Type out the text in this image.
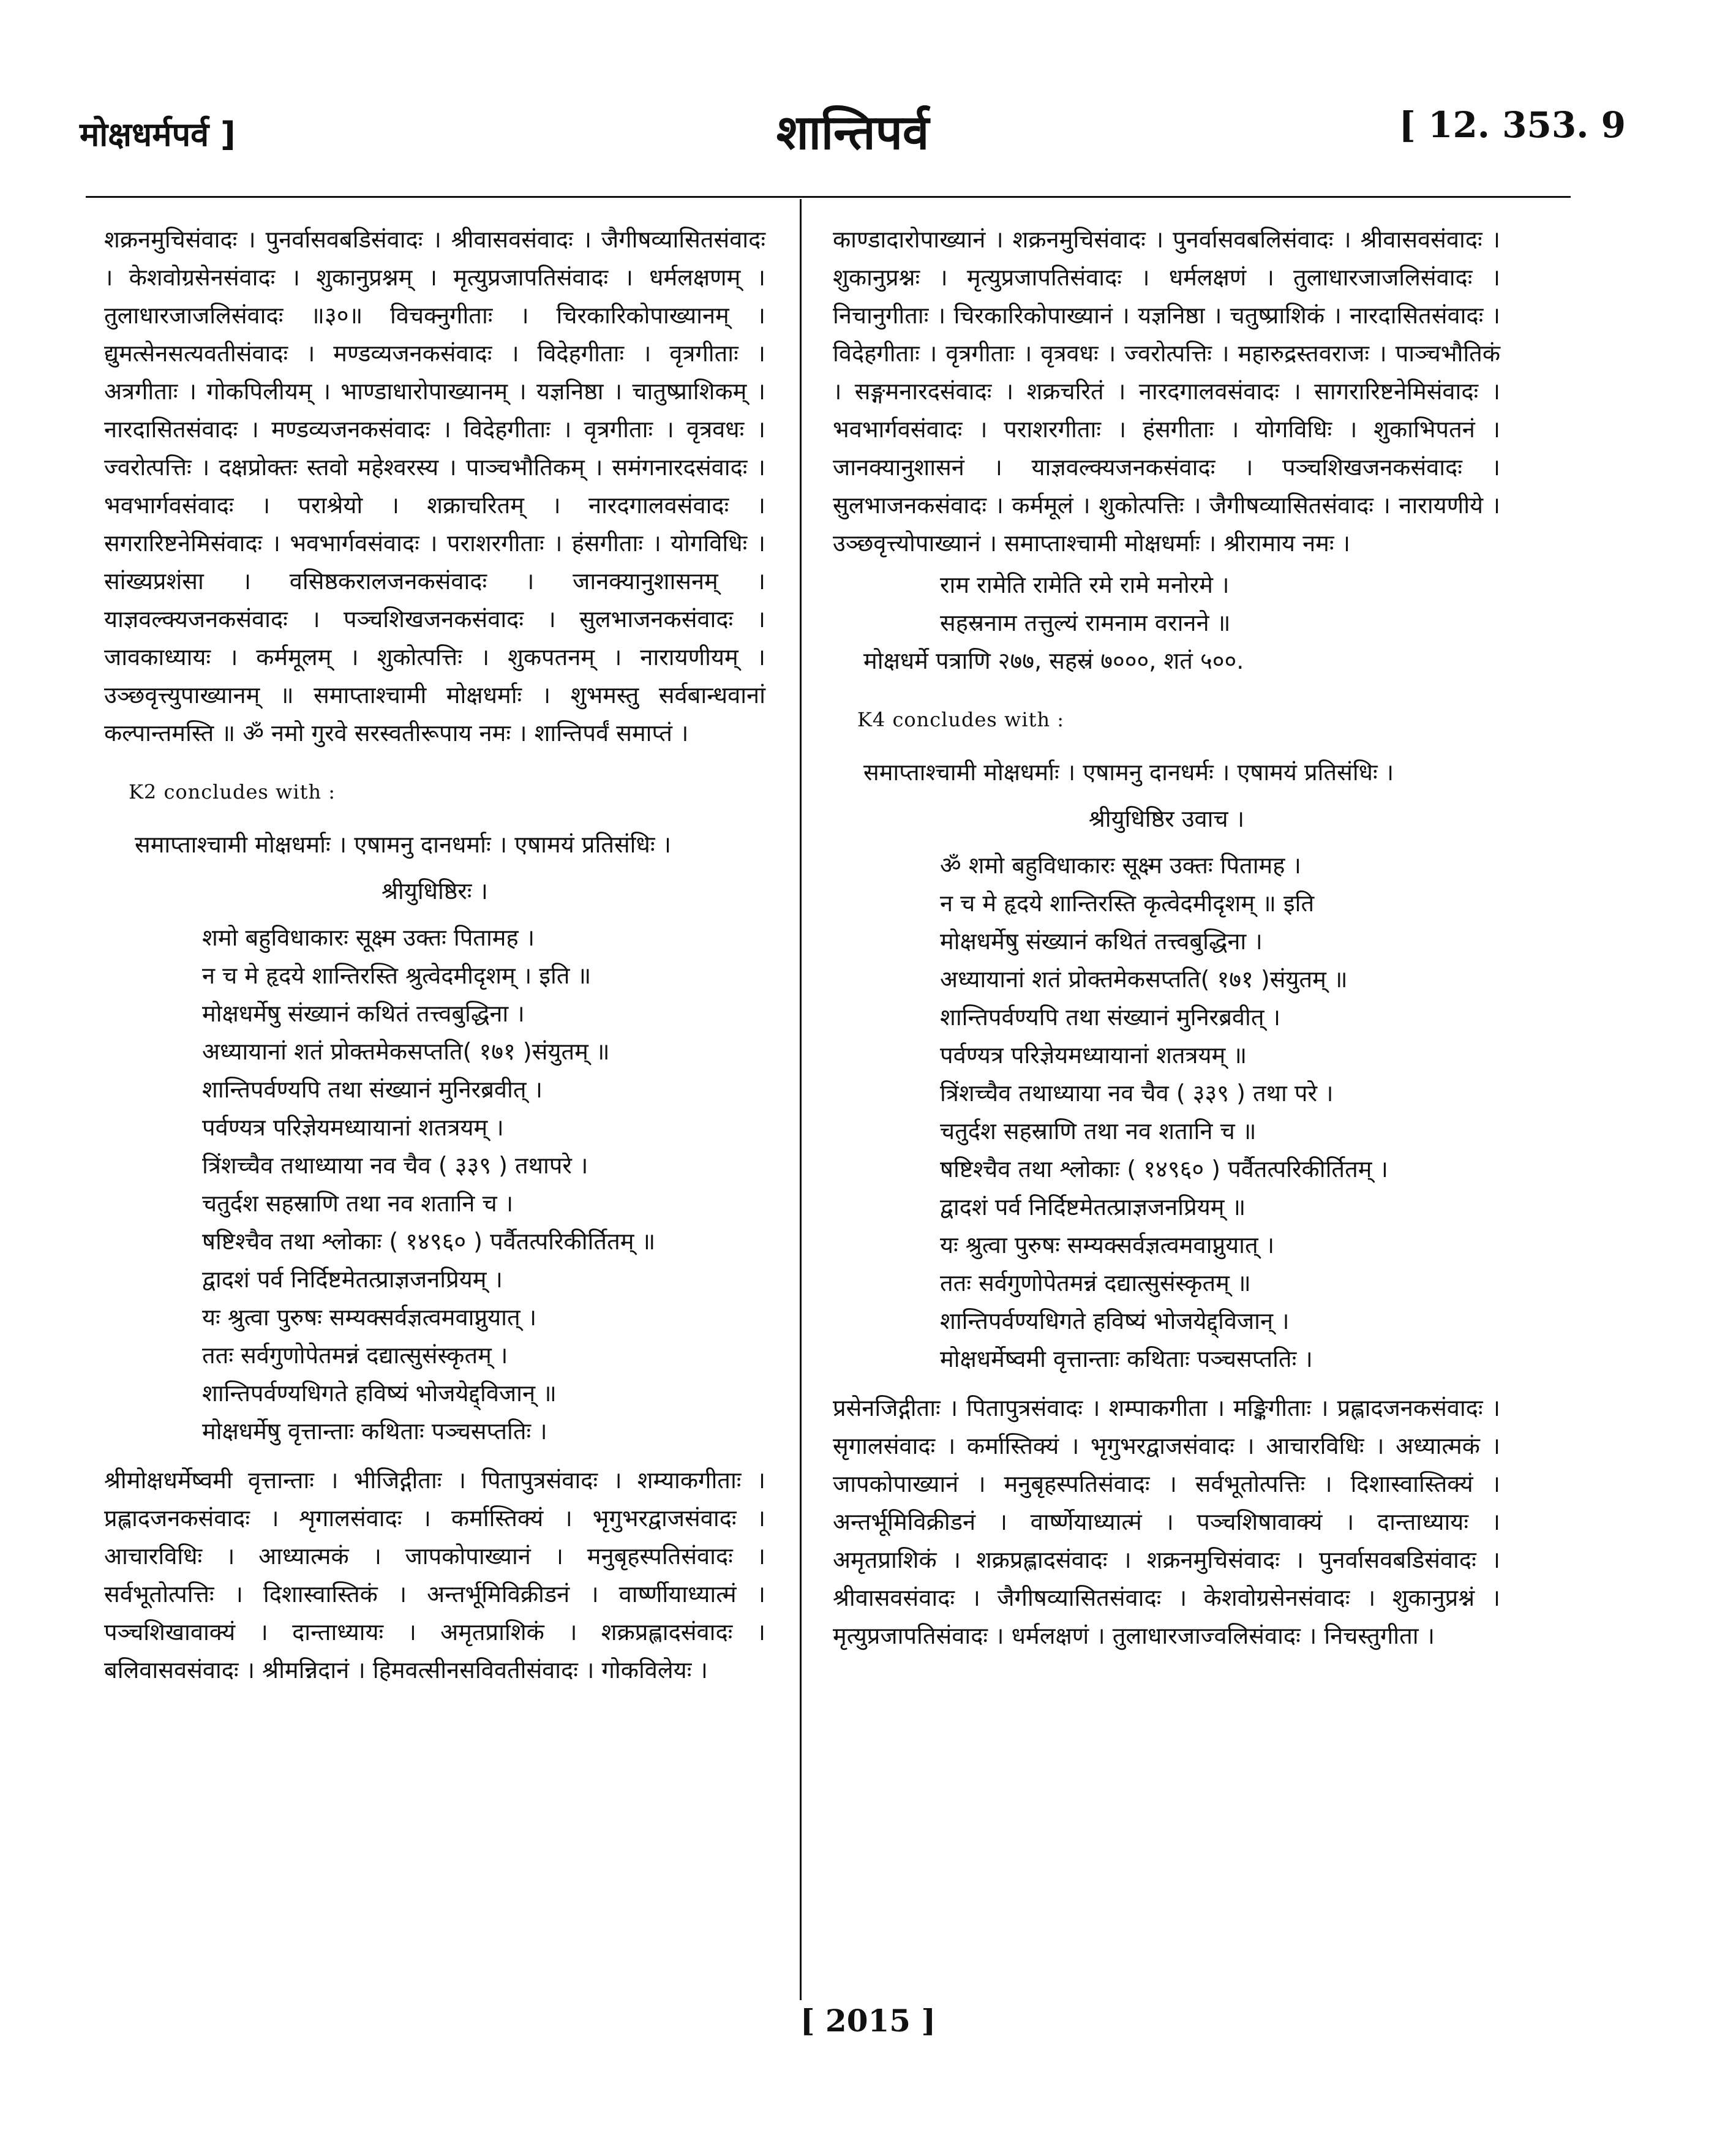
मोक्षधर्मपर्व ]	शान्तिपर्व	[ 12. 353. 9

शक्रनमुचिसंवादः । पुनर्वासवबडिसंवादः । श्रीवासवसंवादः । जैगीषव्यासितसंवादः । केशवोग्रसेनसंवादः । शुकानुप्रश्नम् । मृत्युप्रजापतिसंवादः । धर्मलक्षणम् । तुलाधारजाजलिसंवादः ॥३०॥ विचक्नुगीताः । चिरकारिकोपाख्यानम् । द्युमत्सेनसत्यवतीसंवादः । मण्डव्यजनकसंवादः । विदेहगीताः । वृत्रगीताः । अत्रगीताः । गोकपिलीयम् । भाण्डाधारोपाख्यानम् । यज्ञनिष्ठा । चातुष्प्राशिकम् । नारदासितसंवादः । मण्डव्यजनकसंवादः । विदेहगीताः । वृत्रगीताः । वृत्रवधः । ज्वरोत्पत्तिः । दक्षप्रोक्तः स्तवो महेश्वरस्य । पाञ्चभौतिकम् । समंगनारदसंवादः । भवभार्गवसंवादः । पराश्रेयो । शक्राचरितम् । नारदगालवसंवादः । सगरारिष्टनेमिसंवादः । भवभार्गवसंवादः । पराशरगीताः । हंसगीताः । योगविधिः । सांख्यप्रशंसा । वसिष्ठकरालजनकसंवादः । जानक्यानुशासनम् । याज्ञवल्क्यजनकसंवादः । पञ्चशिखजनकसंवादः । सुलभाजनकसंवादः । जावकाध्यायः । कर्ममूलम् । शुकोत्पत्तिः । शुकपतनम् । नारायणीयम् । उञ्छवृत्त्युपाख्यानम् ॥ समाप्ताश्चामी मोक्षधर्माः । शुभमस्तु सर्वबान्धवानां कल्पान्तमस्ति ॥ ॐ नमो गुरवे सरस्वतीरूपाय नमः । शान्तिपर्वं समाप्तं ।

K2 concludes with :

समाप्ताश्चामी मोक्षधर्माः । एषामनु दानधर्माः । एषामयं प्रतिसंधिः ।

श्रीयुधिष्ठिरः ।
शमो बहुविधाकारः सूक्ष्म उक्तः पितामह ।
न च मे हृदये शान्तिरस्ति श्रुत्वेदमीदृशम् । इति ॥
मोक्षधर्मेषु संख्यानं कथितं तत्त्वबुद्धिना ।
अध्यायानां शतं प्रोक्तमेकसप्तति( १७१ )संयुतम् ॥
शान्तिपर्वण्यपि तथा संख्यानं मुनिरब्रवीत् ।
पर्वण्यत्र परिज्ञेयमध्यायानां शतत्रयम् ।
त्रिंशच्चैव तथाध्याया नव चैव ( ३३९ ) तथापरे ।
चतुर्दश सहस्राणि तथा नव शतानि च ।
षष्टिश्चैव तथा श्लोकाः ( १४९६० ) पर्वैतत्परिकीर्तितम् ॥
द्वादशं पर्व निर्दिष्टमेतत्प्राज्ञजनप्रियम् ।
यः श्रुत्वा पुरुषः सम्यक्सर्वज्ञत्वमवाप्नुयात् ।
ततः सर्वगुणोपेतमन्नं दद्यात्सुसंस्कृतम् ।
शान्तिपर्वण्यधिगते हविष्यं भोजयेद्द्विजान् ॥
मोक्षधर्मेषु वृत्तान्ताः कथिताः पञ्चसप्ततिः ।

श्रीमोक्षधर्मेष्वमी वृत्तान्ताः । भीजिद्गीताः । पितापुत्रसंवादः । शम्याकगीताः । प्रह्लादजनकसंवादः । शृगालसंवादः । कर्मास्तिक्यं । भृगुभरद्वाजसंवादः । आचारविधिः । आध्यात्मकं । जापकोपाख्यानं । मनुबृहस्पतिसंवादः । सर्वभूतोत्पत्तिः । दिशास्वास्तिकं । अन्तर्भूमिविक्रीडनं । वार्ष्णीयाध्यात्मं । पञ्चशिखावाक्यं । दान्ताध्यायः । अमृतप्राशिकं । शक्रप्रह्लादसंवादः । बलिवासवसंवादः । श्रीमन्निदानं । हिमवत्सीनसविवतीसंवादः । गोकविलेयः ।

काण्डादारोपाख्यानं । शक्रनमुचिसंवादः । पुनर्वासवबलिसंवादः । श्रीवासवसंवादः । शुकानुप्रश्नः । मृत्युप्रजापतिसंवादः । धर्मलक्षणं । तुलाधारजाजलिसंवादः । निचानुगीताः । चिरकारिकोपाख्यानं । यज्ञनिष्ठा । चतुष्प्राशिकं । नारदासितसंवादः । विदेहगीताः । वृत्रगीताः । वृत्रवधः । ज्वरोत्पत्तिः । महारुद्रस्तवराजः । पाञ्चभौतिकं । सङ्गमनारदसंवादः । शक्रचरितं । नारदगालवसंवादः । सागरारिष्टनेमिसंवादः । भवभार्गवसंवादः । पराशरगीताः । हंसगीताः । योगविधिः । शुकाभिपतनं । जानक्यानुशासनं । याज्ञवल्क्यजनकसंवादः । पञ्चशिखजनकसंवादः । सुलभाजनकसंवादः । कर्ममूलं । शुकोत्पत्तिः । जैगीषव्यासितसंवादः । नारायणीये । उञ्छवृत्त्योपाख्यानं । समाप्ताश्चामी मोक्षधर्माः । श्रीरामाय नमः ।

राम रामेति रामेति रमे रामे मनोरमे ।
सहस्रनाम तत्तुल्यं रामनाम वरानने ॥
मोक्षधर्मे पत्राणि २७७, सहस्रं ७०००, शतं ५००.
K4 concludes with :

समाप्ताश्चामी मोक्षधर्माः । एषामनु दानधर्मः । एषामयं प्रतिसंधिः ।

श्रीयुधिष्ठिर उवाच ।
ॐ शमो बहुविधाकारः सूक्ष्म उक्तः पितामह ।
न च मे हृदये शान्तिरस्ति कृत्वेदमीदृशम् ॥ इति
मोक्षधर्मेषु संख्यानं कथितं तत्त्वबुद्धिना ।
अध्यायानां शतं प्रोक्तमेकसप्तति( १७१ )संयुतम् ॥
शान्तिपर्वण्यपि तथा संख्यानं मुनिरब्रवीत् ।
पर्वण्यत्र परिज्ञेयमध्यायानां शतत्रयम् ॥
त्रिंशच्चैव तथाध्याया नव चैव ( ३३९ ) तथा परे ।
चतुर्दश सहस्राणि तथा नव शतानि च ॥
षष्टिश्चैव तथा श्लोकाः ( १४९६० ) पर्वैतत्परिकीर्तितम् ।
द्वादशं पर्व निर्दिष्टमेतत्प्राज्ञजनप्रियम् ॥
यः श्रुत्वा पुरुषः सम्यक्सर्वज्ञत्वमवाप्नुयात् ।
ततः सर्वगुणोपेतमन्नं दद्यात्सुसंस्कृतम् ॥
शान्तिपर्वण्यधिगते हविष्यं भोजयेद्द्विजान् ।
मोक्षधर्मेष्वमी वृत्तान्ताः कथिताः पञ्चसप्ततिः ।

प्रसेनजिद्गीताः । पितापुत्रसंवादः । शम्पाकगीता । मङ्किगीताः । प्रह्लादजनकसंवादः । सृगालसंवादः । कर्मास्तिक्यं । भृगुभरद्वाजसंवादः । आचारविधिः । अध्यात्मकं । जापकोपाख्यानं । मनुबृहस्पतिसंवादः । सर्वभूतोत्पत्तिः । दिशास्वास्तिक्यं । अन्तर्भूमिविक्रीडनं । वार्ष्णेयाध्यात्मं । पञ्चशिषावाक्यं । दान्ताध्यायः । अमृतप्राशिकं । शक्रप्रह्लादसंवादः । शक्रनमुचिसंवादः । पुनर्वासवबडिसंवादः । श्रीवासवसंवादः । जैगीषव्यासितसंवादः । केशवोग्रसेनसंवादः । शुकानुप्रश्नं । मृत्युप्रजापतिसंवादः । धर्मलक्षणं । तुलाधारजाज्वलिसंवादः । निचस्तुगीता ।

[ 2015 ]
